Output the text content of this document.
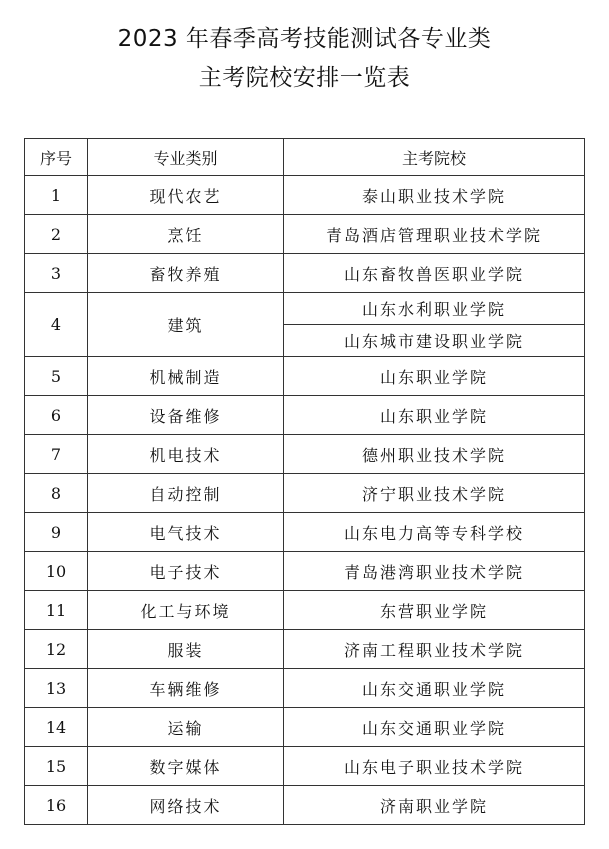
2023 年春季高考技能测试各专业类
主考院校安排一览表
序号	专业类别	主考院校
1	现代农艺	泰山职业技术学院
2	烹饪	青岛酒店管理职业技术学院
3	畜牧养殖	山东畜牧兽医职业学院
4	建筑	山东水利职业学院
		山东城市建设职业学院
5	机械制造	山东职业学院
6	设备维修	山东职业学院
7	机电技术	德州职业技术学院
8	自动控制	济宁职业技术学院
9	电气技术	山东电力高等专科学校
10	电子技术	青岛港湾职业技术学院
11	化工与环境	东营职业学院
12	服装	济南工程职业技术学院
13	车辆维修	山东交通职业学院
14	运输	山东交通职业学院
15	数字媒体	山东电子职业技术学院
16	网络技术	济南职业学院
